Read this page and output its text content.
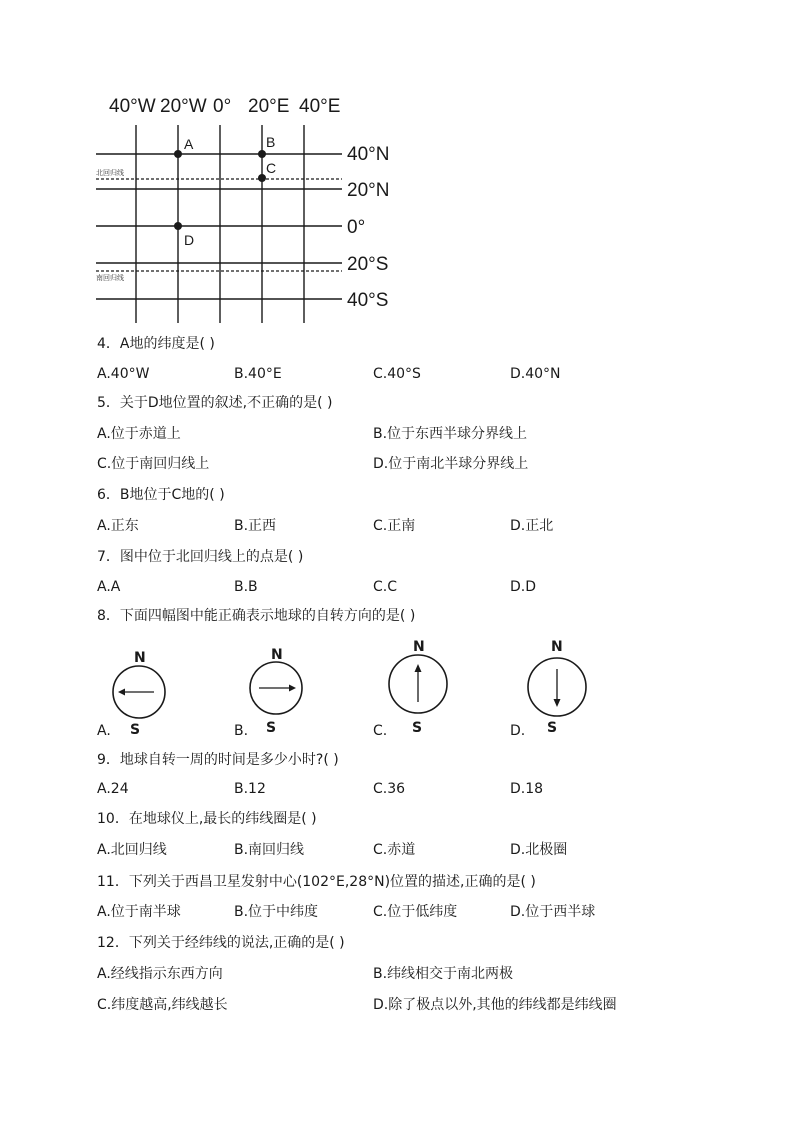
北回归线
南回归线
40°W 20°W 0° 20°E 40°E
40°N
20°N
0°
20°S
40°S
A	B
C
D
4．A地的纬度是( )
A.40°W	B.40°E	C.40°S	D.40°N
5．关于D地位置的叙述,不正确的是( )
A.位于赤道上	B.位于东西半球分界线上
C.位于南回归线上	D.位于南北半球分界线上
6．B地位于C地的( )
A.正东	B.正西	C.正南	D.正北
7．图中位于北回归线上的点是( )
A.A	B.B	C.C	D.D
8．下面四幅图中能正确表示地球的自转方向的是( )
A.
N
S	B.
N
S	C.
N
S	D.
N
S
9．地球自转一周的时间是多少小时?( )
A.24	B.12	C.36	D.18
10．在地球仪上,最长的纬线圈是( )
A.北回归线	B.南回归线	C.赤道	D.北极圈
11．下列关于西昌卫星发射中心(102°E,28°N)位置的描述,正确的是( )
A.位于南半球	B.位于中纬度	C.位于低纬度	D.位于西半球
12．下列关于经纬线的说法,正确的是( )
A.经线指示东西方向	B.纬线相交于南北两极
C.纬度越高,纬线越长	D.除了极点以外,其他的纬线都是纬线圈
